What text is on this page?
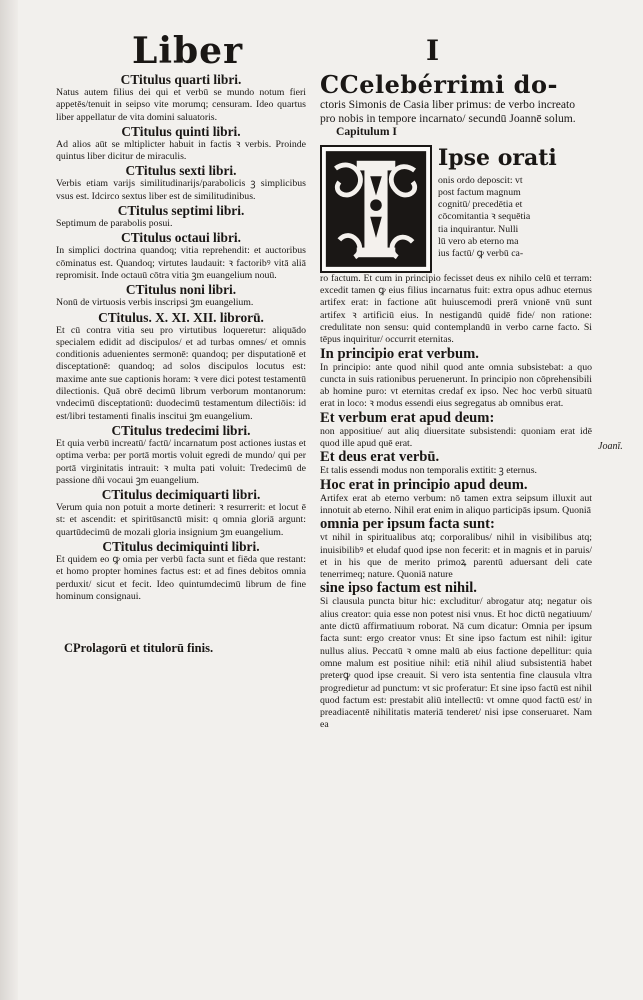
Liber	I

CTitulus quarti libri.

Natus autem filius dei qui et verbū se mundo notum fieri appetēs/tenuit in seipso vite morumq; censuram. Ideo quartus liber appellatur de vita domini saluatoris.

CTitulus quinti libri.

Ad alios aūt se mltiplicter habuit in factis ꝛ verbis. Proinde quintus liber dicitur de miraculis.

CTitulus sexti libri.

Verbis etiam varijs similitudinarijs/parabolicis ꝫ simplicibus vsus est. Idcirco sextus liber est de similitudinibus.

CTitulus septimi libri.

Septimum de parabolis posui.

CTitulus octaui libri.

In simplici doctrina quandoq; vitia reprehendit: et auctoribus cōminatus est. Quandoq; virtutes laudauit: ꝛ factoribꝰ vitā aliā repromisit. Inde octauū cōtra vitia ꝫm euangelium nouū.

CTitulus noni libri.

Nonū de virtuosis verbis inscripsi ꝫm euangelium.

CTitulus. X. XI. XII. librorū.

Et cū contra vitia seu pro virtutibus loqueretur: aliquādo specialem edidit ad discipulos/ et ad turbas omnes/ et omnis conditionis aduenientes sermonē: quandoq; per disputationē et disceptationē: quandoq; ad solos discipulos locutus est: maxime ante sue captionis horam: ꝛ vere dici potest testamentū dilectionis. Quā obrē decimū librum verborum montanorum: vndecimū disceptationū: duodecimū testamentum dilectiōis: id est/libri testamenti finalis inscitui ꝫm euangelium.

CTitulus tredecimi libri.

Et quia verbū increatū/ factū/ incarnatum post actiones iustas et optima verba: per portā mortis voluit egredi de mundo/ qui per portā virginitatis intrauit: ꝛ multa pati voluit: Tredecimū de passione dñi vocaui ꝫm euangelium.

CTitulus decimiquarti libri.

Verum quia non potuit a morte detineri: ꝛ resurrerit: et locut ē st: et ascendit: et spiritūsanctū misit: q omnia gloriā argunt: quartūdecimū de mozali gloria insignium ꝫm euangelium.

CTitulus decimiquinti libri.

Et quidem eo ꝙ omia per verbū facta sunt et fiēda que restant: et homo propter homines factus est: et ad fines debitos omnia perduxit/ sicut et fecit. Ideo quintumdecimū librum de fine hominum consignaui.

CProlagorū et titulorū finis.
CCelebérrimi do-
ctoris Simonis de Casia liber primus: de verbo increato pro nobis in tempore incarnato/ secundū Joannē solum. Capitulum I
Ipse orati

onis ordo deposcit: vt

post factum magnum

cognitū/ precedētia et

cōcomitantia ꝛ sequētia

tia inquirantur. Nulli

lū vero ab eterno ma

ius factū/ ꝙ verbū ca-

ro factum. Et cum in principio fecisset deus ex nihilo celū et terram: excedit tamen ꝙ eius filius incarnatus fuit: extra opus adhuc eternus artifex erat: in factione aūt huiuscemodi prerā vnionē vnū sunt artifex ꝛ artificiū eius. In nestigandū quidē fide/ non ratione: credulitate non sensu: quid contemplandū in verbo carne facto. Si tēpus inquiritur/ occurrit eternitas.

In principio erat verbum.

In principio: ante quod nihil quod ante omnia subsistebat: a quo cuncta in suis rationibus peruenerunt. In principio non cōprehensibili ab homine puro: vt eternitas credaf ex ipso. Nec hoc verbū situatū erat in loco: ꝛ modus essendi eius segregatus ab omnibus erat.

Et verbum erat apud deum:

non appositiue/ aut aliq diuersitate subsistendi: quoniam erat idē quod ille apud quē erat.

Et deus erat verbū.

Et talis essendi modus non temporalis extitit: ꝫ eternus.

Hoc erat in principio apud deum.

Artifex erat ab eterno verbum: nō tamen extra seipsum illuxit aut innotuit ab eterno. Nihil erat enim in aliquo participās ipsum. Quoniā

omnia per ipsum facta sunt:

vt nihil in spiritualibus atq; corporalibus/ nihil in visibilibus atq; inuisibilibꝰ et eludaf quod ipse non fecerit: et in magnis et in paruis/ et in his que de merito primoꝝ parentū aduersant deli cate tenerrimeq; nature. Quoniā nature

sine ipso factum est nihil.

Si clausula puncta bitur hic: excluditur/ abrogatur atq; negatur ois alius creator: quia esse non potest nisi vnus. Et hoc dictū negatiuum/ ante dictū affirmatiuum roborat. Nā cum dicatur: Omnia per ipsum facta sunt: ergo creator vnus: Et sine ipso factum est nihil: igitur nullus alius. Peccatū ꝛ omne malū ab eius factione depellitur: quia omne malum est positiue nihil: etiā nihil aliud subsistentiā habet preterꝙ quod ipse creauit. Si vero ista sententia fine clausula vltra progredietur ad punctum: vt sic proferatur: Et sine ipso factū est nihil quod factum est: prestabit aliū intellectū: vt omne quod factū est/ in preadiacentē nihilitatis materiā tenderet/ nisi ipse conseruaret. Nam ea

Joanī.
